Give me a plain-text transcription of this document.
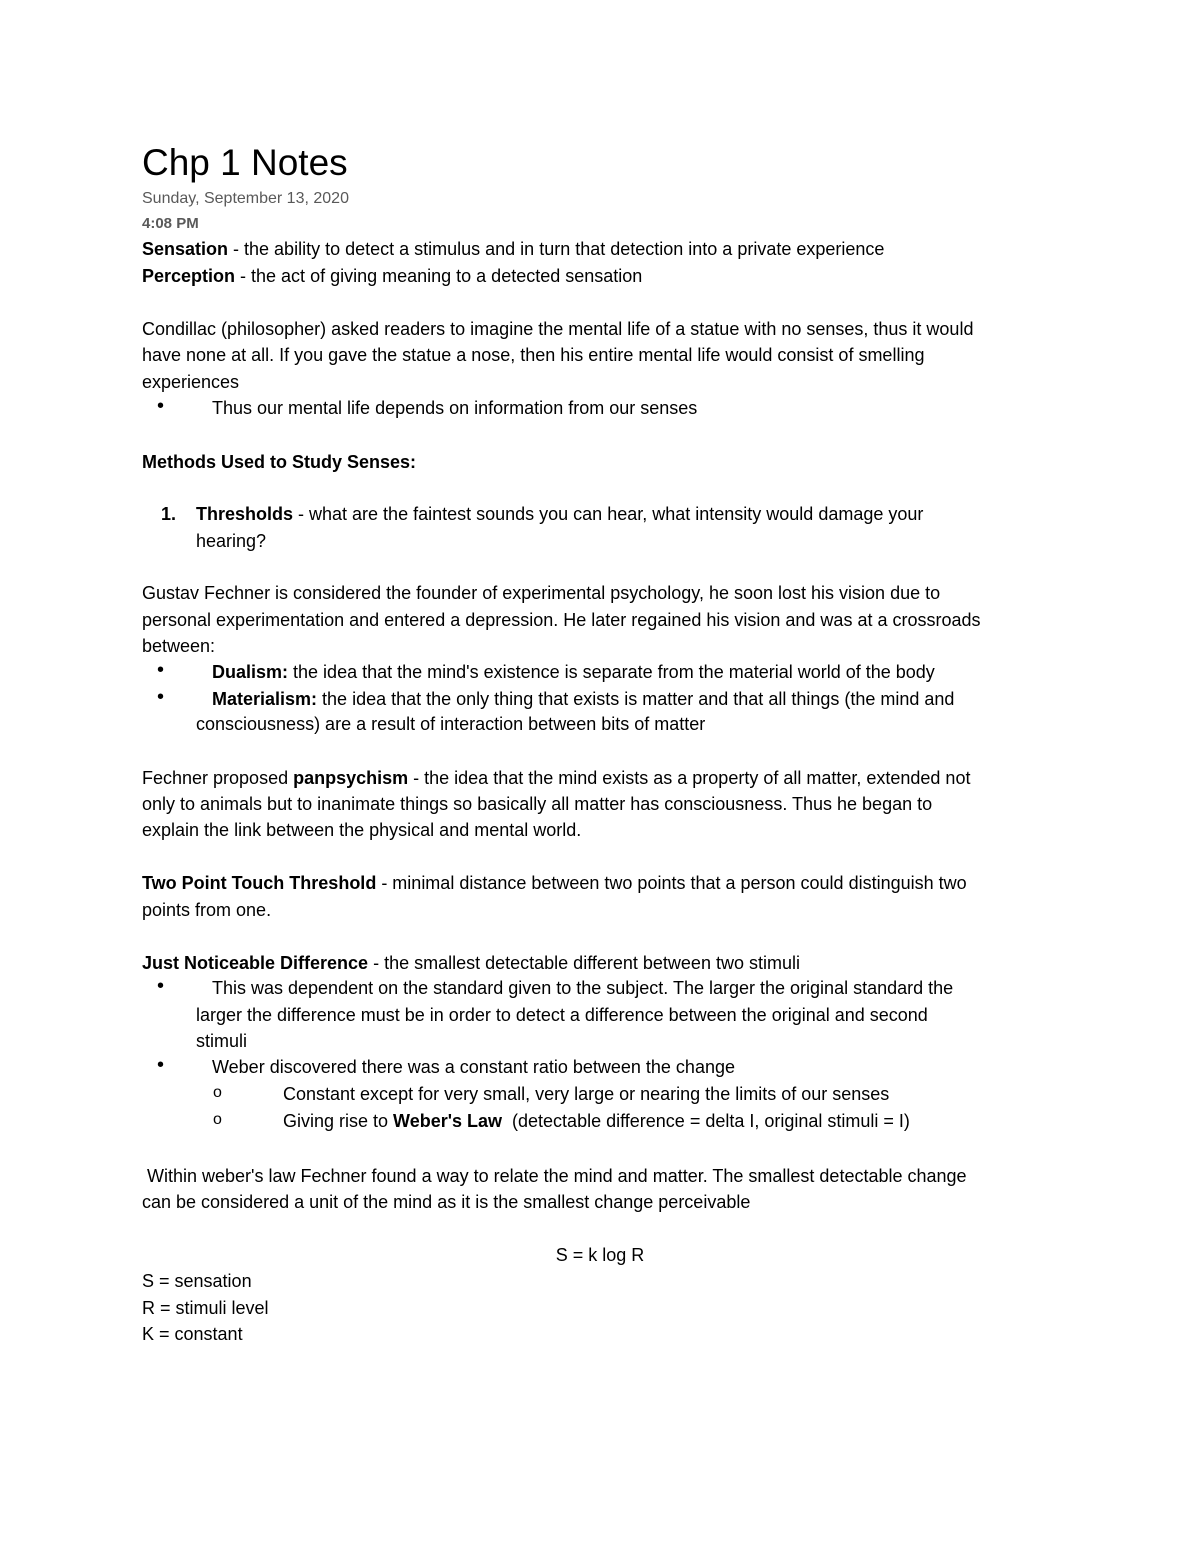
Chp 1 Notes

Sunday, September 13, 2020

4:08 PM

Sensation - the ability to detect a stimulus and in turn that detection into a private experience

Perception - the act of giving meaning to a detected sensation

Condillac (philosopher) asked readers to imagine the mental life of a statue with no senses, thus it would

have none at all. If you gave the statue a nose, then his entire mental life would consist of smelling

experiences

•	Thus our mental life depends on information from our senses

Methods Used to Study Senses:

1. Thresholds - what are the faintest sounds you can hear, what intensity would damage your

hearing?

Gustav Fechner is considered the founder of experimental psychology, he soon lost his vision due to

personal experimentation and entered a depression. He later regained his vision and was at a crossroads

between:

•	Dualism: the idea that the mind's existence is separate from the material world of the body

•	Materialism: the idea that the only thing that exists is matter and that all things (the mind and

consciousness) are a result of interaction between bits of matter

Fechner proposed panpsychism - the idea that the mind exists as a property of all matter, extended not

only to animals but to inanimate things so basically all matter has consciousness. Thus he began to

explain the link between the physical and mental world.

Two Point Touch Threshold - minimal distance between two points that a person could distinguish two

points from one.

Just Noticeable Difference - the smallest detectable different between two stimuli

•	This was dependent on the standard given to the subject. The larger the original standard the

larger the difference must be in order to detect a difference between the original and second

stimuli

•	Weber discovered there was a constant ratio between the change

o	Constant except for very small, very large or nearing the limits of our senses

o	Giving rise to Weber's Law  (detectable difference = delta I, original stimuli = I)

Within weber's law Fechner found a way to relate the mind and matter. The smallest detectable change

can be considered a unit of the mind as it is the smallest change perceivable

S = k log R

S = sensation

R = stimuli level

K = constant
